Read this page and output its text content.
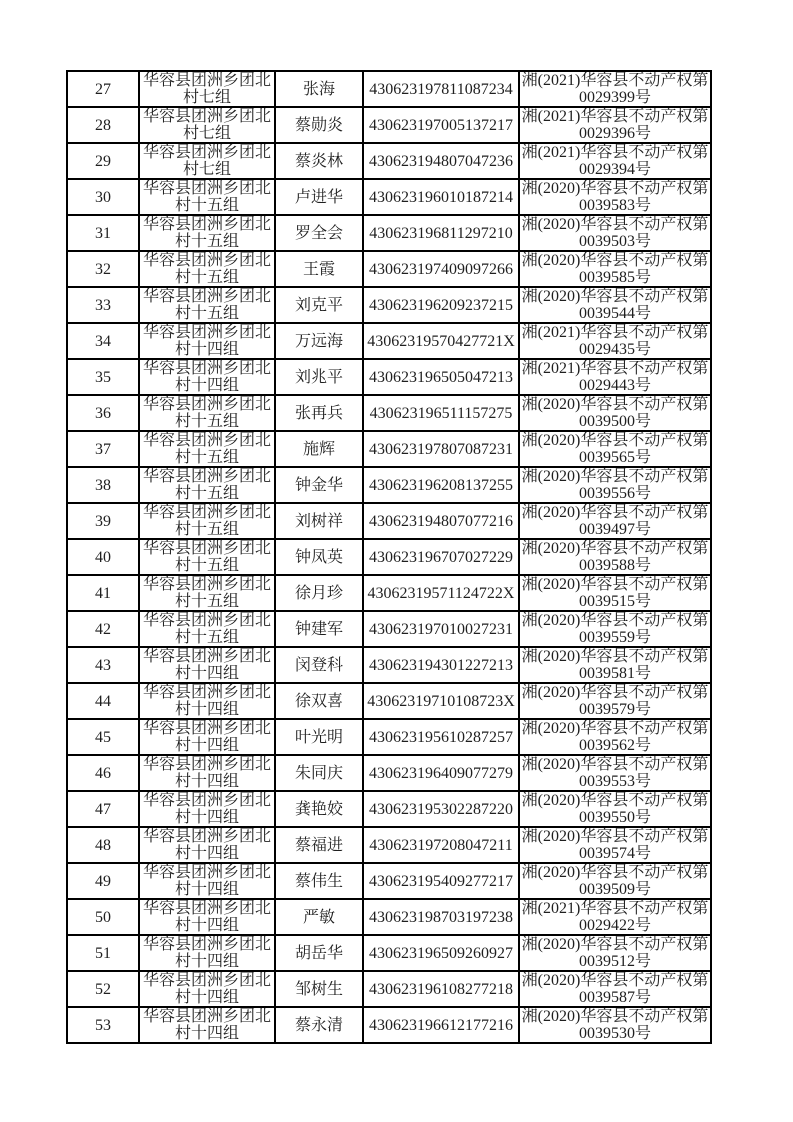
27	华容县团洲乡团北
村七组	张海	430623197811087234	湘(2021)华容县不动产权第
0029399号

28	华容县团洲乡团北
村七组	蔡勋炎	430623197005137217	湘(2021)华容县不动产权第
0029396号

29	华容县团洲乡团北
村七组	蔡炎林	430623194807047236	湘(2021)华容县不动产权第
0029394号

30	华容县团洲乡团北
村十五组	卢进华	430623196010187214	湘(2020)华容县不动产权第
0039583号

31	华容县团洲乡团北
村十五组	罗全会	430623196811297210	湘(2020)华容县不动产权第
0039503号

32	华容县团洲乡团北
村十五组	王霞	430623197409097266	湘(2020)华容县不动产权第
0039585号

33	华容县团洲乡团北
村十五组	刘克平	430623196209237215	湘(2020)华容县不动产权第
0039544号

34	华容县团洲乡团北
村十四组	万远海	43062319570427721X	湘(2021)华容县不动产权第
0029435号

35	华容县团洲乡团北
村十四组	刘兆平	430623196505047213	湘(2021)华容县不动产权第
0029443号

36	华容县团洲乡团北
村十五组	张再兵	430623196511157275	湘(2020)华容县不动产权第
0039500号

37	华容县团洲乡团北
村十五组	施辉	430623197807087231	湘(2020)华容县不动产权第
0039565号

38	华容县团洲乡团北
村十五组	钟金华	430623196208137255	湘(2020)华容县不动产权第
0039556号

39	华容县团洲乡团北
村十五组	刘树祥	430623194807077216	湘(2020)华容县不动产权第
0039497号

40	华容县团洲乡团北
村十五组	钟凤英	430623196707027229	湘(2020)华容县不动产权第
0039588号

41	华容县团洲乡团北
村十五组	徐月珍	43062319571124722X	湘(2020)华容县不动产权第
0039515号

42	华容县团洲乡团北
村十五组	钟建军	430623197010027231	湘(2020)华容县不动产权第
0039559号

43	华容县团洲乡团北
村十四组	闵登科	430623194301227213	湘(2020)华容县不动产权第
0039581号

44	华容县团洲乡团北
村十四组	徐双喜	43062319710108723X	湘(2020)华容县不动产权第
0039579号

45	华容县团洲乡团北
村十四组	叶光明	430623195610287257	湘(2020)华容县不动产权第
0039562号

46	华容县团洲乡团北
村十四组	朱同庆	430623196409077279	湘(2020)华容县不动产权第
0039553号

47	华容县团洲乡团北
村十四组	龚艳姣	430623195302287220	湘(2020)华容县不动产权第
0039550号

48	华容县团洲乡团北
村十四组	蔡福进	430623197208047211	湘(2020)华容县不动产权第
0039574号

49	华容县团洲乡团北
村十四组	蔡伟生	430623195409277217	湘(2020)华容县不动产权第
0039509号

50	华容县团洲乡团北
村十四组	严敏	430623198703197238	湘(2021)华容县不动产权第
0029422号

51	华容县团洲乡团北
村十四组	胡岳华	430623196509260927	湘(2020)华容县不动产权第
0039512号

52	华容县团洲乡团北
村十四组	邹树生	430623196108277218	湘(2020)华容县不动产权第
0039587号

53	华容县团洲乡团北
村十四组	蔡永清	430623196612177216	湘(2020)华容县不动产权第
0039530号
